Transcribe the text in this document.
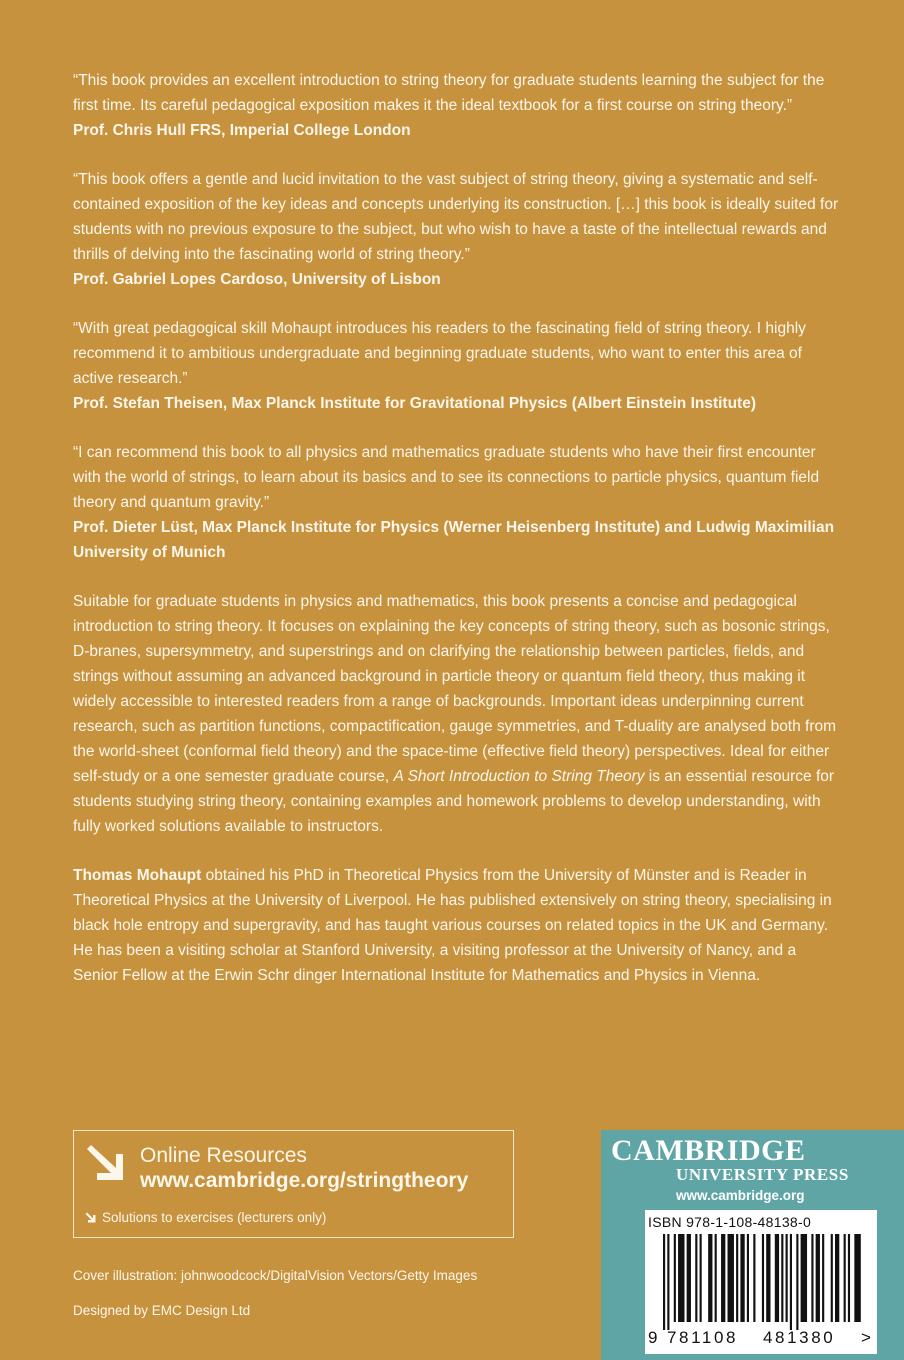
“This book provides an excellent introduction to string theory for graduate students learning the subject for the first time. Its careful pedagogical exposition makes it the ideal textbook for a first course on string theory.”
Prof. Chris Hull FRS, Imperial College London
“This book offers a gentle and lucid invitation to the vast subject of string theory, giving a systematic and self-contained exposition of the key ideas and concepts underlying its construction. […] this book is ideally suited for students with no previous exposure to the subject, but who wish to have a taste of the intellectual rewards and thrills of delving into the fascinating world of string theory.”
Prof. Gabriel Lopes Cardoso, University of Lisbon
“With great pedagogical skill Mohaupt introduces his readers to the fascinating field of string theory. I highly recommend it to ambitious undergraduate and beginning graduate students, who want to enter this area of active research.”
Prof. Stefan Theisen, Max Planck Institute for Gravitational Physics (Albert Einstein Institute)
“I can recommend this book to all physics and mathematics graduate students who have their first encounter with the world of strings, to learn about its basics and to see its connections to particle physics, quantum field theory and quantum gravity.”
Prof. Dieter Lüst, Max Planck Institute for Physics (Werner Heisenberg Institute) and Ludwig Maximilian University of Munich

Suitable for graduate students in physics and mathematics, this book presents a concise and pedagogical introduction to string theory. It focuses on explaining the key concepts of string theory, such as bosonic strings, D-branes, supersymmetry, and superstrings and on clarifying the relationship between particles, fields, and strings without assuming an advanced background in particle theory or quantum field theory, thus making it widely accessible to interested readers from a range of backgrounds. Important ideas underpinning current research, such as partition functions, compactification, gauge symmetries, and T-duality are analysed both from the world-sheet (conformal field theory) and the space-time (effective field theory) perspectives. Ideal for either self-study or a one semester graduate course, A Short Introduction to String Theory is an essential resource for students studying string theory, containing examples and homework problems to develop understanding, with fully worked solutions available to instructors.

Thomas Mohaupt obtained his PhD in Theoretical Physics from the University of Münster and is Reader in Theoretical Physics at the University of Liverpool. He has published extensively on string theory, specialising in black hole entropy and supergravity, and has taught various courses on related topics in the UK and Germany. He has been a visiting scholar at Stanford University, a visiting professor at the University of Nancy, and a Senior Fellow at the Erwin Schr dinger International Institute for Mathematics and Physics in Vienna.

Online Resources
www.cambridge.org/stringtheory
Solutions to exercises (lecturers only)
Cover illustration: johnwoodcock/DigitalVision Vectors/Getty Images
Designed by EMC Design Ltd
CAMBRIDGE
UNIVERSITY PRESS
www.cambridge.org
ISBN 978-1-108-48138-0
9 781108 481380 >
